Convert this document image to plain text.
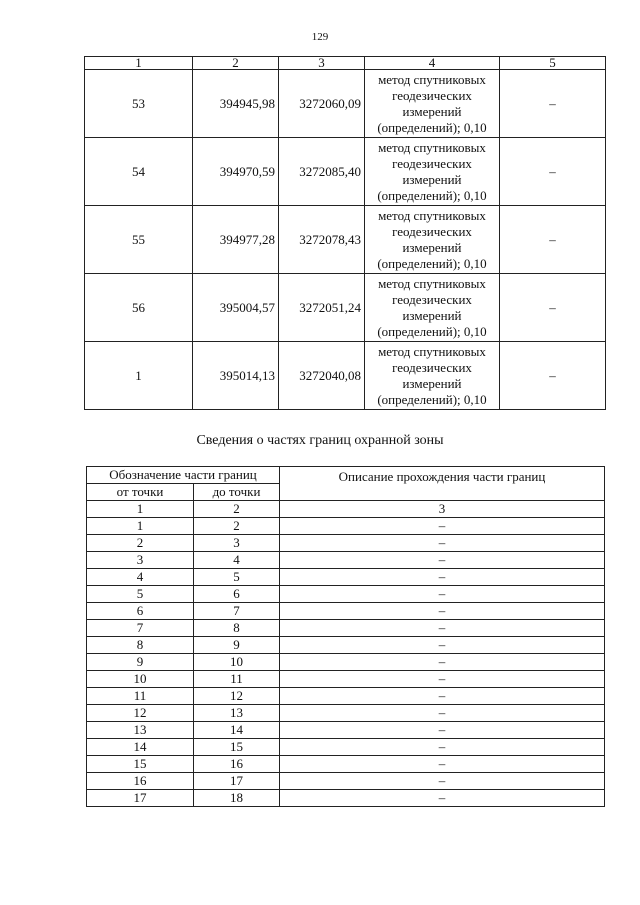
129
1	2	3	4	5
53	394945,98	3272060,09	метод спутниковых
геодезических
измерений
(определений); 0,10	–
54	394970,59	3272085,40	метод спутниковых
геодезических
измерений
(определений); 0,10	–
55	394977,28	3272078,43	метод спутниковых
геодезических
измерений
(определений); 0,10	–
56	395004,57	3272051,24	метод спутниковых
геодезических
измерений
(определений); 0,10	–
1	395014,13	3272040,08	метод спутниковых
геодезических
измерений
(определений); 0,10	–
Сведения о частях границ охранной зоны
Обозначение части границ		Описание прохождения части границ
от точки	до точки	
1	2	3
1	2	–
2	3	–
3	4	–
4	5	–
5	6	–
6	7	–
7	8	–
8	9	–
9	10	–
10	11	–
11	12	–
12	13	–
13	14	–
14	15	–
15	16	–
16	17	–
17	18	–
